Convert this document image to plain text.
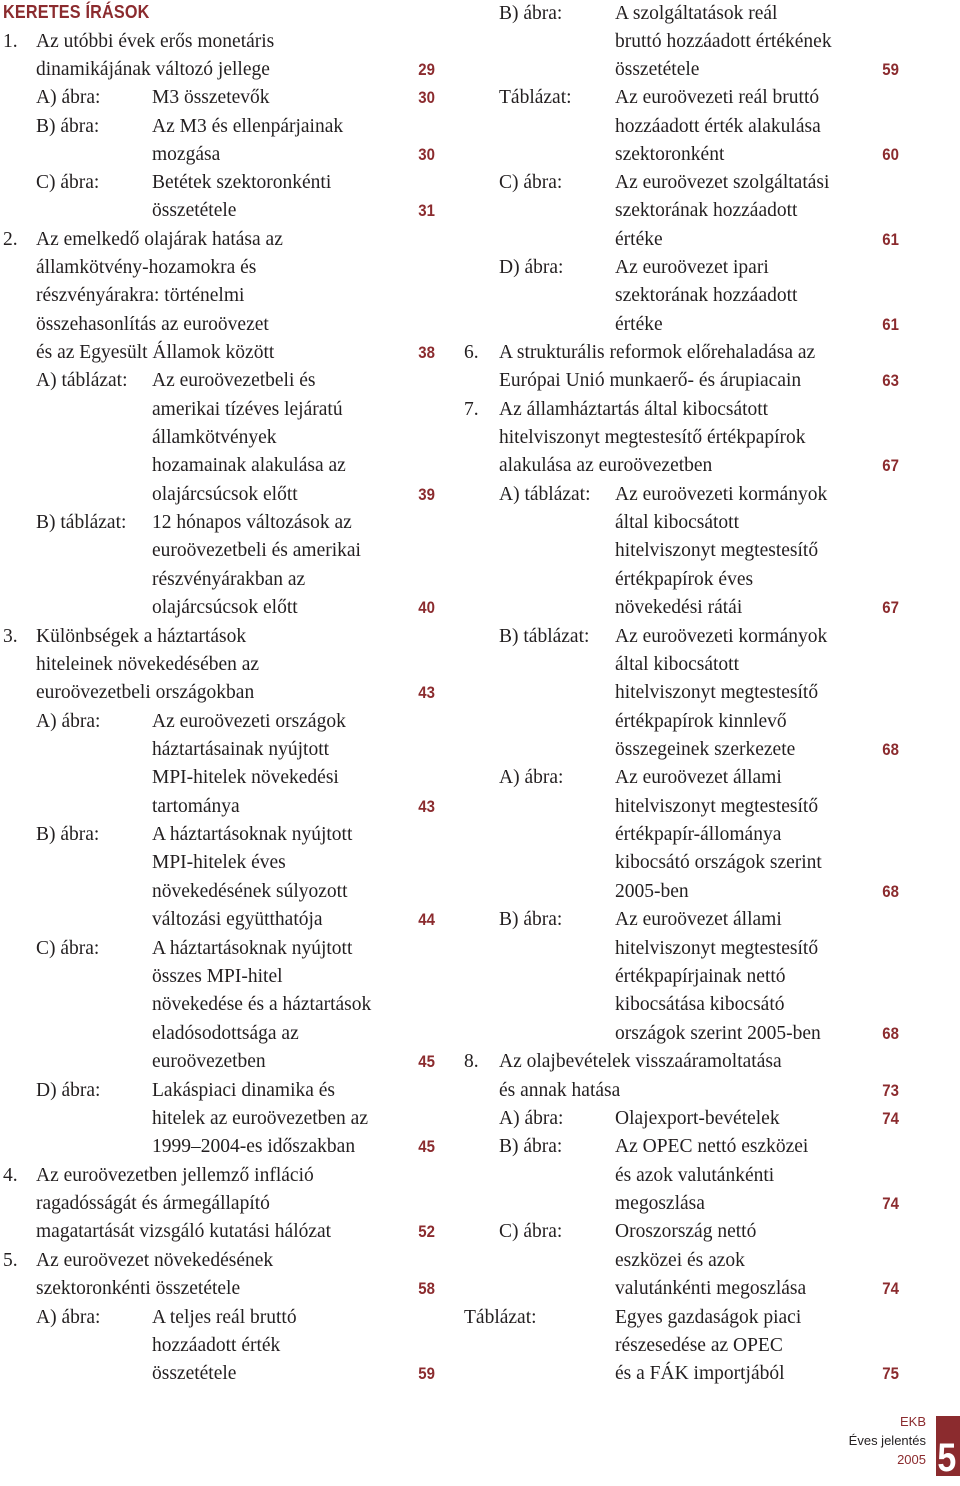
KERETES ÍRÁSOK
1. Az utóbbi évek erős monetáris
dinamikájának változó jellege	29
A) ábra:	M3 összetevők	30
B) ábra:	Az M3 és ellenpárjainak
mozgása	30
C) ábra:	Betétek szektoronkénti
összetétele	31
2. Az emelkedő olajárak hatása az
államkötvény-hozamokra és
részvényárakra: történelmi
összehasonlítás az euroövezet
és az Egyesült Államok között	38
A) táblázat: Az euroövezetbeli és
amerikai tízéves lejáratú
államkötvények
hozamainak alakulása az
olajárcsúcsok előtt	39
B) táblázat: 12 hónapos változások az
euroövezetbeli és amerikai
részvényárakban az
olajárcsúcsok előtt	40
3. Különbségek a háztartások
hiteleinek növekedésében az
euroövezetbeli országokban	43
A) ábra:	Az euroövezeti országok
háztartásainak nyújtott
MPI-hitelek növekedési
tartománya	43
B) ábra:	A háztartásoknak nyújtott
MPI-hitelek éves
növekedésének súlyozott
változási együtthatója	44
C) ábra:	A háztartásoknak nyújtott
összes MPI-hitel
növekedése és a háztartások
eladósodottsága az
euroövezetben	45
D) ábra:	Lakáspiaci dinamika és
hitelek az euroövezetben az
1999–2004-es időszakban	45
4. Az euroövezetben jellemző infláció
ragadósságát és ármegállapító
magatartását vizsgáló kutatási hálózat	52
5. Az euroövezet növekedésének
szektoronkénti összetétele	58
A) ábra:	A teljes reál bruttó
hozzáadott érték
összetétele	59
B) ábra:	A szolgáltatások reál
bruttó hozzáadott értékének
összetétele	59
Táblázat: Az euroövezeti reál bruttó
hozzáadott érték alakulása
szektoronként	60
C) ábra:	Az euroövezet szolgáltatási
szektorának hozzáadott
értéke	61
D) ábra:	Az euroövezet ipari
szektorának hozzáadott
értéke	61
6. A strukturális reformok előrehaladása az
Európai Unió munkaerő- és árupiacain	63
7. Az államháztartás által kibocsátott
hitelviszonyt megtestesítő értékpapírok
alakulása az euroövezetben	67
A) táblázat: Az euroövezeti kormányok
által kibocsátott
hitelviszonyt megtestesítő
értékpapírok éves
növekedési rátái	67
B) táblázat: Az euroövezeti kormányok
által kibocsátott
hitelviszonyt megtestesítő
értékpapírok kinnlevő
összegeinek szerkezete	68
A) ábra:	Az euroövezet állami
hitelviszonyt megtestesítő
értékpapír-állománya
kibocsátó országok szerint
2005-ben	68
B) ábra:	Az euroövezet állami
hitelviszonyt megtestesítő
értékpapírjainak nettó
kibocsátása kibocsátó
országok szerint 2005-ben	68
8. Az olajbevételek visszaáramoltatása
és annak hatása	73
A) ábra:	Olajexport-bevételek	74
B) ábra:	Az OPEC nettó eszközei
és azok valutánkénti
megoszlása	74
C) ábra:	Oroszország nettó
eszközei és azok
valutánkénti megoszlása	74
Táblázat:	Egyes gazdaságok piaci
részesedése az OPEC
és a FÁK importjából	75
EKB
Éves jelentés
2005 5
